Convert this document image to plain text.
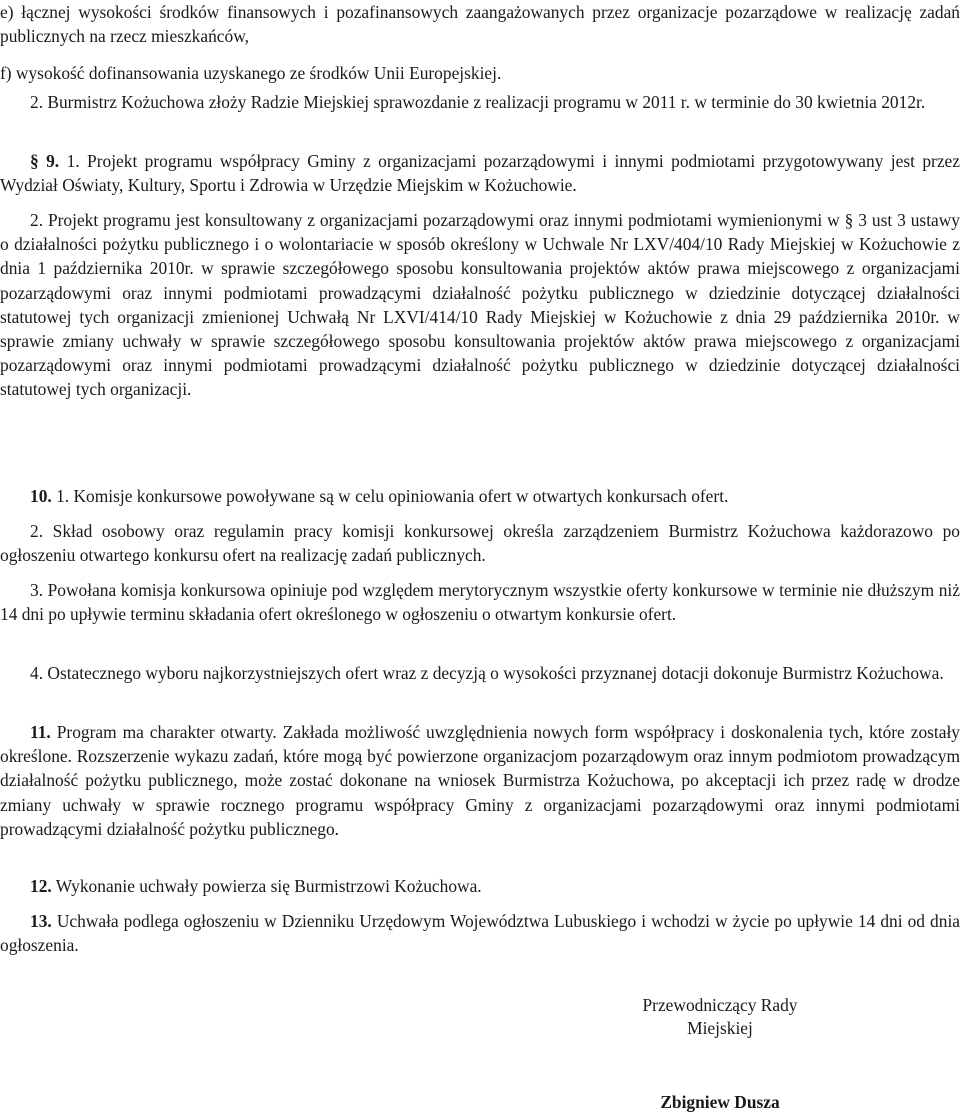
e) łącznej wysokości środków finansowych i pozafinansowych zaangażowanych przez organizacje pozarządowe w realizację zadań publicznych na rzecz mieszkańców,

f) wysokość dofinansowania uzyskanego ze środków Unii Europejskiej.

2. Burmistrz Kożuchowa złoży Radzie Miejskiej sprawozdanie z realizacji programu w 2011 r. w terminie do 30 kwietnia 2012r.

§ 9. 1. Projekt programu współpracy Gminy z organizacjami pozarządowymi i innymi podmiotami przygotowywany jest przez Wydział Oświaty, Kultury, Sportu i Zdrowia w Urzędzie Miejskim w Kożuchowie.

2. Projekt programu jest konsultowany z organizacjami pozarządowymi oraz innymi podmiotami wymienionymi w § 3 ust 3 ustawy o działalności pożytku publicznego i o wolontariacie w sposób określony w Uchwale Nr LXV/404/10 Rady Miejskiej w Kożuchowie z dnia 1 października 2010r. w sprawie szczegółowego sposobu konsultowania projektów aktów prawa miejscowego z organizacjami pozarządowymi oraz innymi podmiotami prowadzącymi działalność pożytku publicznego w dziedzinie dotyczącej działalności statutowej tych organizacji zmienionej Uchwałą Nr LXVI/414/10 Rady Miejskiej w Kożuchowie z dnia 29 października 2010r. w sprawie zmiany uchwały w sprawie szczegółowego sposobu konsultowania projektów aktów prawa miejscowego z organizacjami pozarządowymi oraz innymi podmiotami prowadzącymi działalność pożytku publicznego w dziedzinie dotyczącej działalności statutowej tych organizacji.

10. 1. Komisje konkursowe powoływane są w celu opiniowania ofert w otwartych konkursach ofert.

2. Skład osobowy oraz regulamin pracy komisji konkursowej określa zarządzeniem Burmistrz Kożuchowa każdorazowo po ogłoszeniu otwartego konkursu ofert na realizację zadań publicznych.

3. Powołana komisja konkursowa opiniuje pod względem merytorycznym wszystkie oferty konkursowe w terminie nie dłuższym niż 14 dni po upływie terminu składania ofert określonego w ogłoszeniu o otwartym konkursie ofert.

4. Ostatecznego wyboru najkorzystniejszych ofert wraz z decyzją o wysokości przyznanej dotacji dokonuje Burmistrz Kożuchowa.

11. Program ma charakter otwarty. Zakłada możliwość uwzględnienia nowych form współpracy i doskonalenia tych, które zostały określone. Rozszerzenie wykazu zadań, które mogą być powierzone organizacjom pozarządowym oraz innym podmiotom prowadzącym działalność pożytku publicznego, może zostać dokonane na wniosek Burmistrza Kożuchowa, po akceptacji ich przez radę w drodze zmiany uchwały w sprawie rocznego programu współpracy Gminy z organizacjami pozarządowymi oraz innymi podmiotami prowadzącymi działalność pożytku publicznego.

12. Wykonanie uchwały powierza się Burmistrzowi Kożuchowa.

13. Uchwała podlega ogłoszeniu w Dzienniku Urzędowym Województwa Lubuskiego i wchodzi w życie po upływie 14 dni od dnia ogłoszenia.

Przewodniczący Rady
Miejskiej
Zbigniew Dusza
